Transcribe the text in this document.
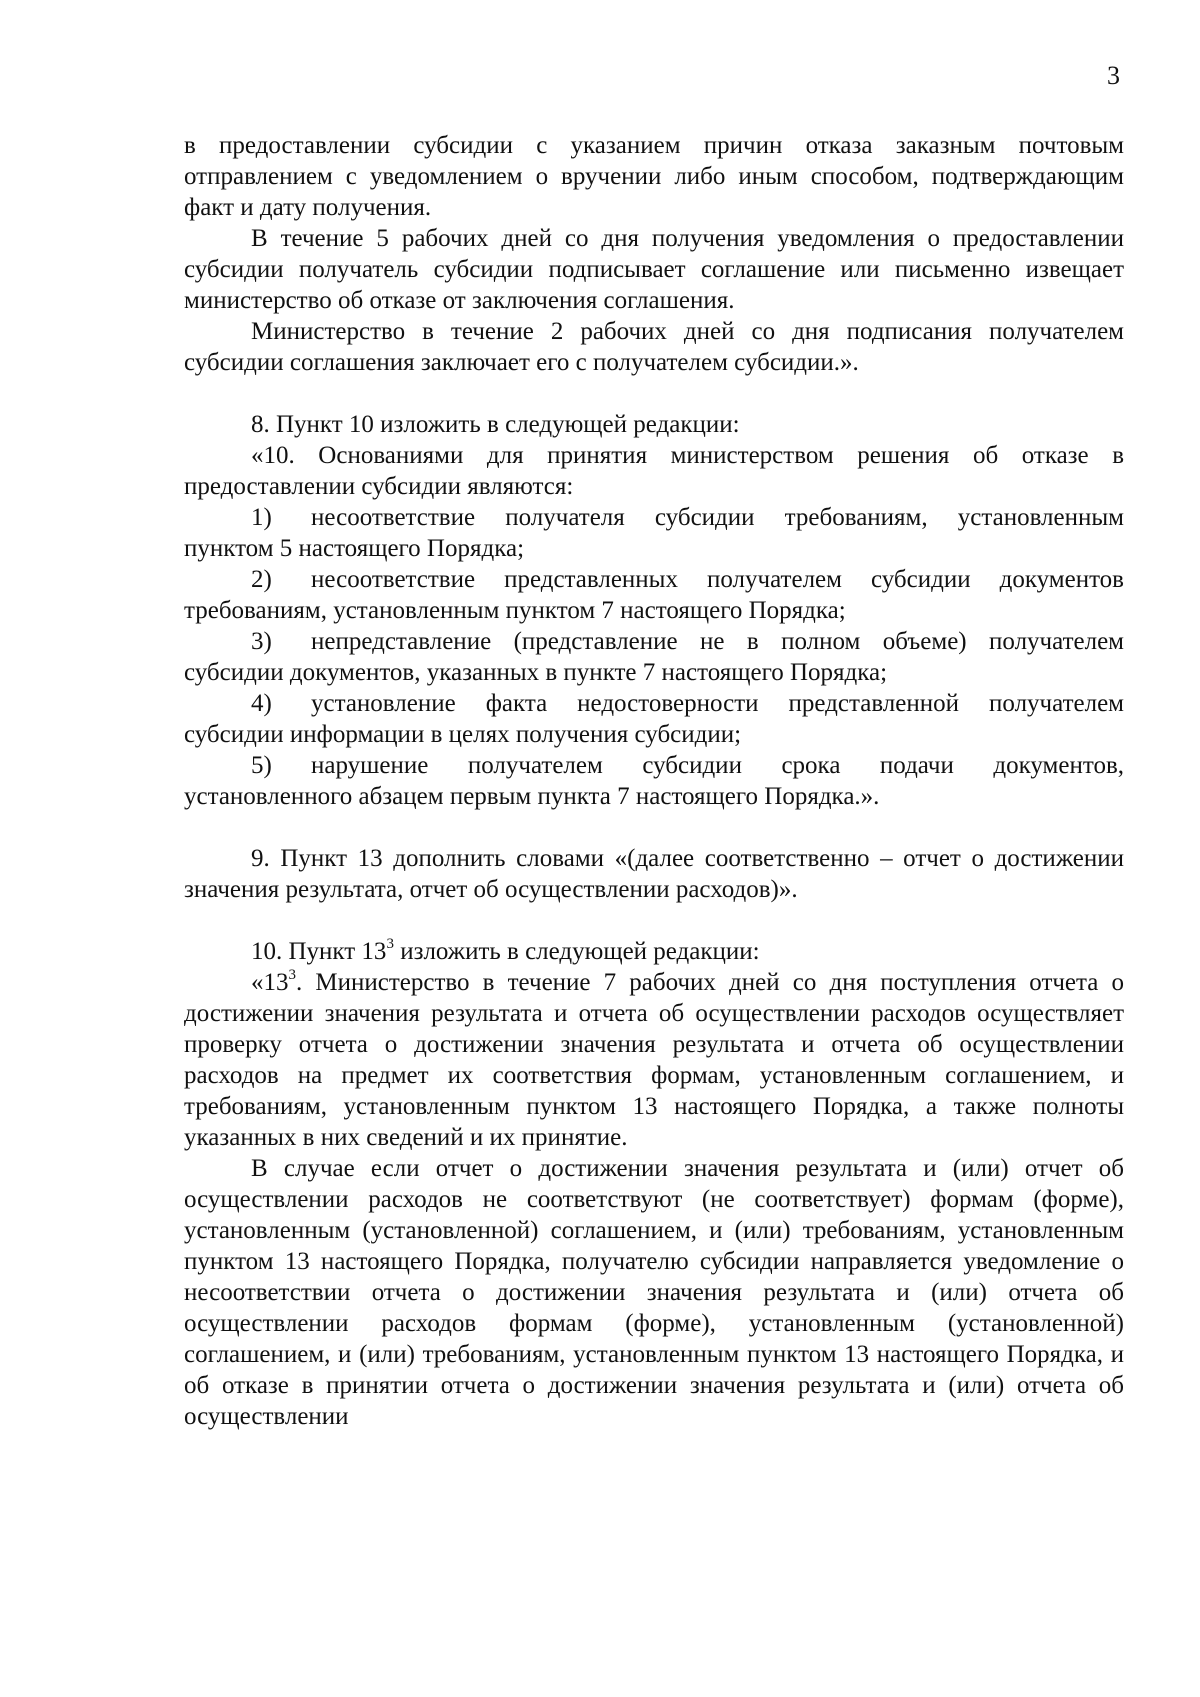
3

в предоставлении субсидии с указанием причин отказа заказным почтовым отправлением с уведомлением о вручении либо иным способом, подтверждающим факт и дату получения.

В течение 5 рабочих дней со дня получения уведомления о предоставлении субсидии получатель субсидии подписывает соглашение или письменно извещает министерство об отказе от заключения соглашения.

Министерство в течение 2 рабочих дней со дня подписания получателем субсидии соглашения заключает его с получателем субсидии.».

8. Пункт 10 изложить в следующей редакции:

«10. Основаниями для принятия министерством решения об отказе в предоставлении субсидии являются:

1) несоответствие получателя субсидии требованиям, установленным пунктом 5 настоящего Порядка;

2) несоответствие представленных получателем субсидии документов требованиям, установленным пунктом 7 настоящего Порядка;

3) непредставление (представление не в полном объеме) получателем субсидии документов, указанных в пункте 7 настоящего Порядка;

4) установление факта недостоверности представленной получателем субсидии информации в целях получения субсидии;

5) нарушение получателем субсидии срока подачи документов, установленного абзацем первым пункта 7 настоящего Порядка.».

9. Пункт 13 дополнить словами «(далее соответственно – отчет о достижении значения результата, отчет об осуществлении расходов)».

10. Пункт $13^3$ изложить в следующей редакции:

«$13^3$. Министерство в течение 7 рабочих дней со дня поступления отчета о достижении значения результата и отчета об осуществлении расходов осуществляет проверку отчета о достижении значения результата и отчета об осуществлении расходов на предмет их соответствия формам, установленным соглашением, и требованиям, установленным пунктом 13 настоящего Порядка, а также полноты указанных в них сведений и их принятие.

В случае если отчет о достижении значения результата и (или) отчет об осуществлении расходов не соответствуют (не соответствует) формам (форме), установленным (установленной) соглашением, и (или) требованиям, установленным пунктом 13 настоящего Порядка, получателю субсидии направляется уведомление о несоответствии отчета о достижении значения результата и (или) отчета об осуществлении расходов формам (форме), установленным (установленной) соглашением, и (или) требованиям, установленным пунктом 13 настоящего Порядка, и об отказе в принятии отчета о достижении значения результата и (или) отчета об осуществлении
